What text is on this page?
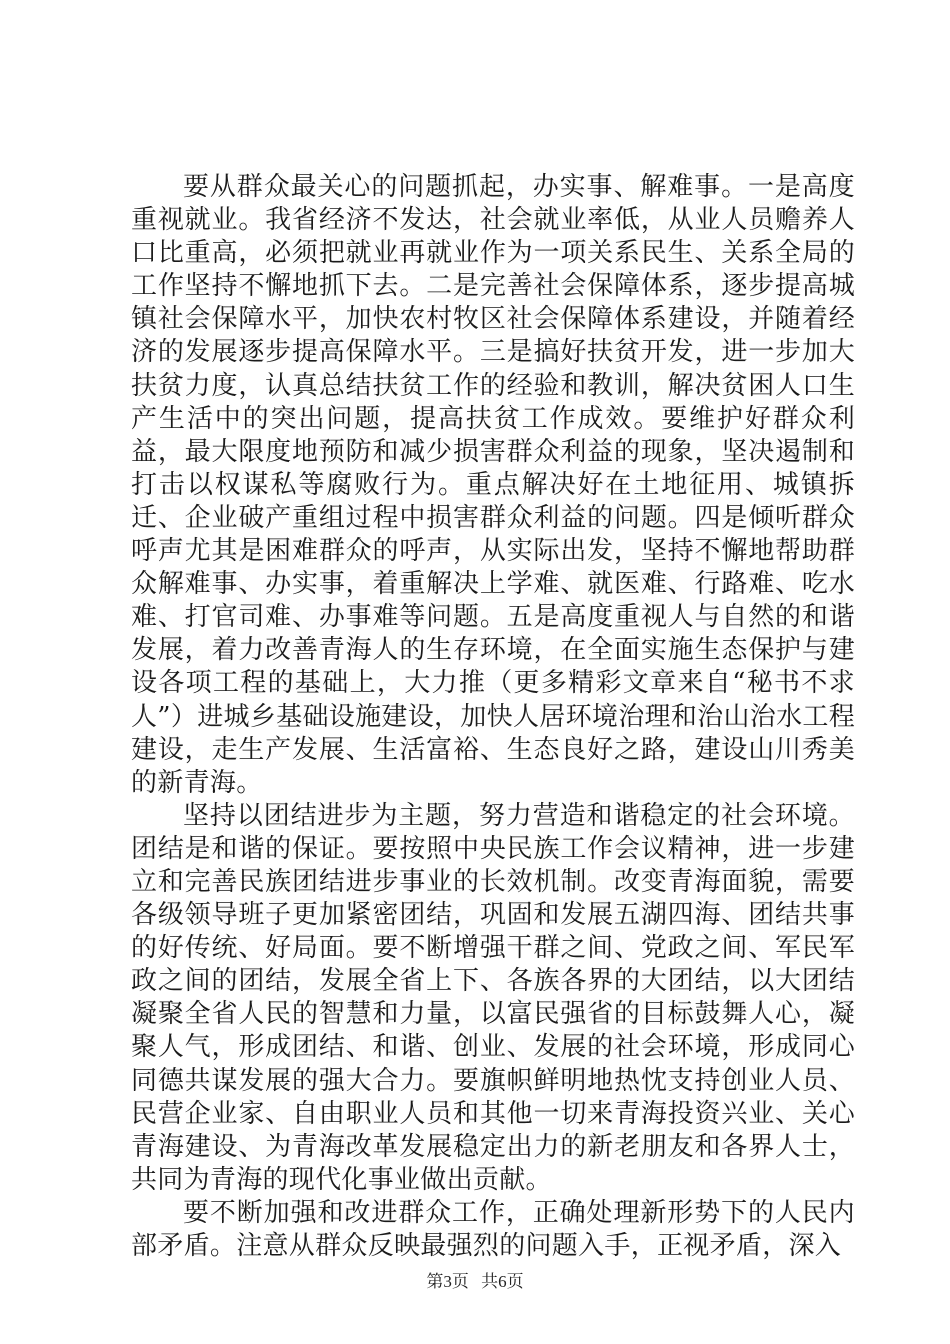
要从群众最关心的问题抓起，办实事、解难事。一是高度重视就业。我省经济不发达，社会就业率低，从业人员赡养人口比重高，必须把就业再就业作为一项关系民生、关系全局的工作坚持不懈地抓下去。二是完善社会保障体系，逐步提高城镇社会保障水平，加快农村牧区社会保障体系建设，并随着经济的发展逐步提高保障水平。三是搞好扶贫开发，进一步加大扶贫力度，认真总结扶贫工作的经验和教训，解决贫困人口生产生活中的突出问题，提高扶贫工作成效。要维护好群众利益，最大限度地预防和减少损害群众利益的现象，坚决遏制和打击以权谋私等腐败行为。重点解决好在土地征用、城镇拆迁、企业破产重组过程中损害群众利益的问题。四是倾听群众呼声尤其是困难群众的呼声，从实际出发，坚持不懈地帮助群众解难事、办实事，着重解决上学难、就医难、行路难、吃水难、打官司难、办事难等问题。五是高度重视人与自然的和谐发展，着力改善青海人的生存环境，在全面实施生态保护与建设各项工程的基础上，大力推（更多精彩文章来自“秘书不求人”）进城乡基础设施建设，加快人居环境治理和治山治水工程建设，走生产发展、生活富裕、生态良好之路，建设山川秀美的新青海。

坚持以团结进步为主题，努力营造和谐稳定的社会环境。团结是和谐的保证。要按照中央民族工作会议精神，进一步建立和完善民族团结进步事业的长效机制。改变青海面貌，需要各级领导班子更加紧密团结，巩固和发展五湖四海、团结共事的好传统、好局面。要不断增强干群之间、党政之间、军民军政之间的团结，发展全省上下、各族各界的大团结，以大团结凝聚全省人民的智慧和力量，以富民强省的目标鼓舞人心，凝聚人气，形成团结、和谐、创业、发展的社会环境，形成同心同德共谋发展的强大合力。要旗帜鲜明地热忱支持创业人员、民营企业家、自由职业人员和其他一切来青海投资兴业、关心青海建设、为青海改革发展稳定出力的新老朋友和各界人士，共同为青海的现代化事业做出贡献。

要不断加强和改进群众工作，正确处理新形势下的人民内部矛盾。注意从群众反映最强烈的问题入手，正视矛盾，深入

第3页 共6页
